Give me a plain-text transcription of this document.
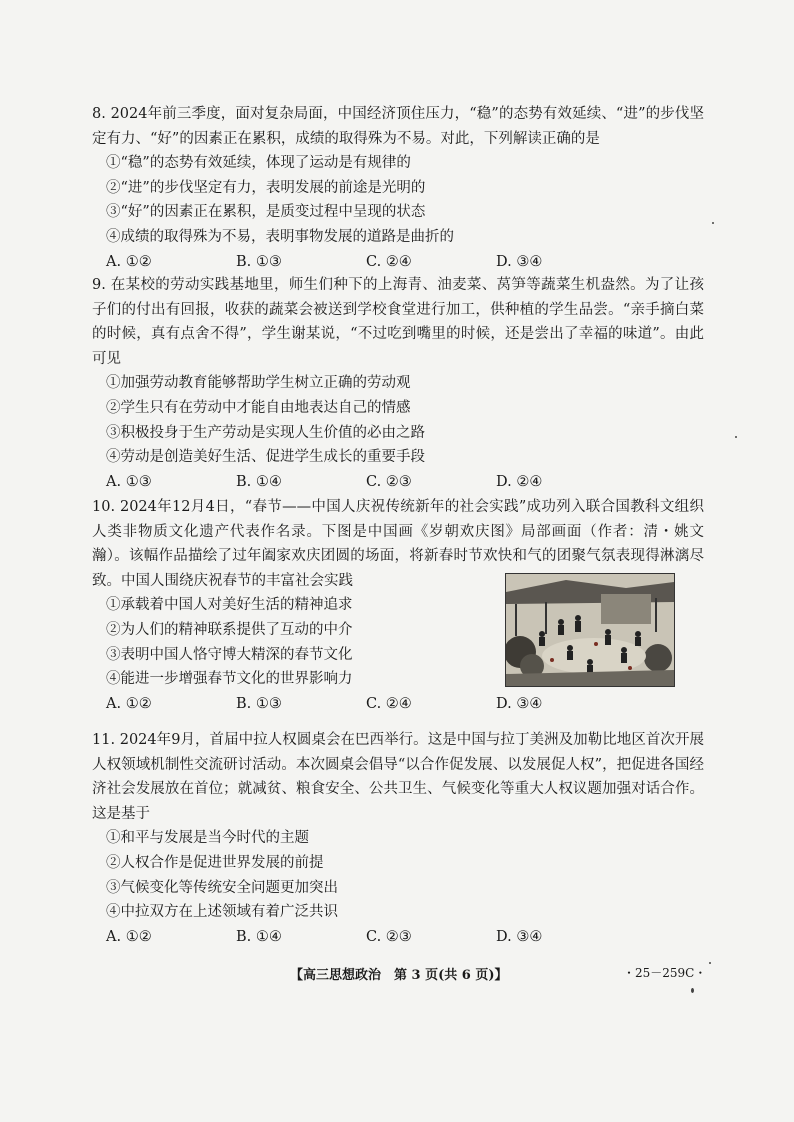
8. 2024年前三季度，面对复杂局面，中国经济顶住压力，“稳”的态势有效延续、“进”的步伐坚定有力、“好”的因素正在累积，成绩的取得殊为不易。对此，下列解读正确的是

①“稳”的态势有效延续，体现了运动是有规律的

②“进”的步伐坚定有力，表明发展的前途是光明的

③“好”的因素正在累积，是质变过程中呈现的状态

④成绩的取得殊为不易，表明事物发展的道路是曲折的

A. ①②	B. ①③	C. ②④	D. ③④

9. 在某校的劳动实践基地里，师生们种下的上海青、油麦菜、莴笋等蔬菜生机盎然。为了让孩子们的付出有回报，收获的蔬菜会被送到学校食堂进行加工，供种植的学生品尝。“亲手摘白菜的时候，真有点舍不得”，学生谢某说，“不过吃到嘴里的时候，还是尝出了幸福的味道”。由此可见

①加强劳动教育能够帮助学生树立正确的劳动观

②学生只有在劳动中才能自由地表达自己的情感

③积极投身于生产劳动是实现人生价值的必由之路

④劳动是创造美好生活、促进学生成长的重要手段

A. ①③	B. ①④	C. ②③	D. ②④

10. 2024年12月4日，“春节——中国人庆祝传统新年的社会实践”成功列入联合国教科文组织人类非物质文化遗产代表作名录。下图是中国画《岁朝欢庆图》局部画面（作者：清・姚文瀚）。该幅作品描绘了过年阖家欢庆团圆的场面，将新春时节欢快和气的团聚气氛表现得淋漓尽致。中国人围绕庆祝春节的丰富社会实践

①承载着中国人对美好生活的精神追求

②为人们的精神联系提供了互动的中介

③表明中国人恪守博大精深的春节文化

④能进一步增强春节文化的世界影响力

A. ①②	B. ①③	C. ②④	D. ③④

11. 2024年9月，首届中拉人权圆桌会在巴西举行。这是中国与拉丁美洲及加勒比地区首次开展人权领域机制性交流研讨活动。本次圆桌会倡导“以合作促发展、以发展促人权”，把促进各国经济社会发展放在首位；就减贫、粮食安全、公共卫生、气候变化等重大人权议题加强对话合作。这是基于

①和平与发展是当今时代的主题

②人权合作是促进世界发展的前提

③气候变化等传统安全问题更加突出

④中拉双方在上述领域有着广泛共识

A. ①②	B. ①④	C. ②③	D. ③④
【高三思想政治　第 3 页(共 6 页)】	・25－259C・
